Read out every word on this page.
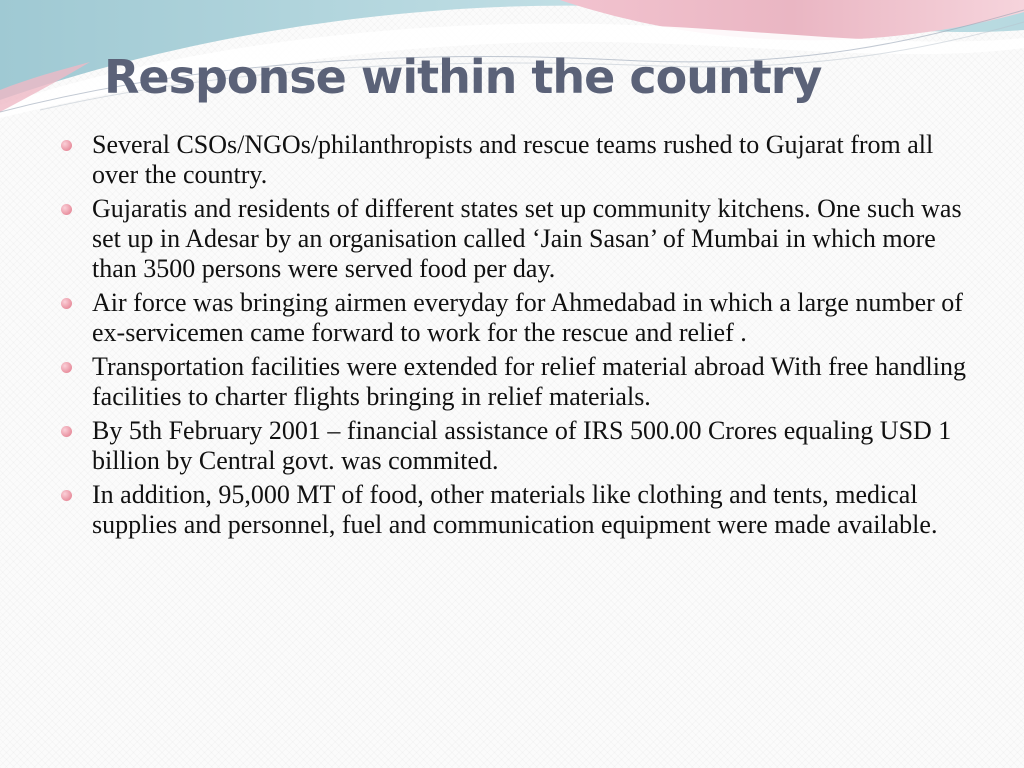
Response within the country
Several CSOs/NGOs/philanthropists and rescue teams rushed to Gujarat from all over the country.
Gujaratis and residents of different states set up community kitchens. One such was set up in Adesar by an organisation called ‘Jain Sasan’ of Mumbai in which more than 3500 persons were served food per day.
Air force was bringing airmen everyday for Ahmedabad in which a large number of ex-servicemen came forward to work for the rescue and relief .
Transportation facilities were extended for relief material abroad With free handling facilities to charter flights bringing in relief materials.
By 5th February 2001 – financial assistance of IRS 500.00 Crores equaling USD 1 billion by Central govt. was commited.
In addition, 95,000 MT of food, other materials like clothing and tents, medical supplies and personnel, fuel and communication equipment were made available.
